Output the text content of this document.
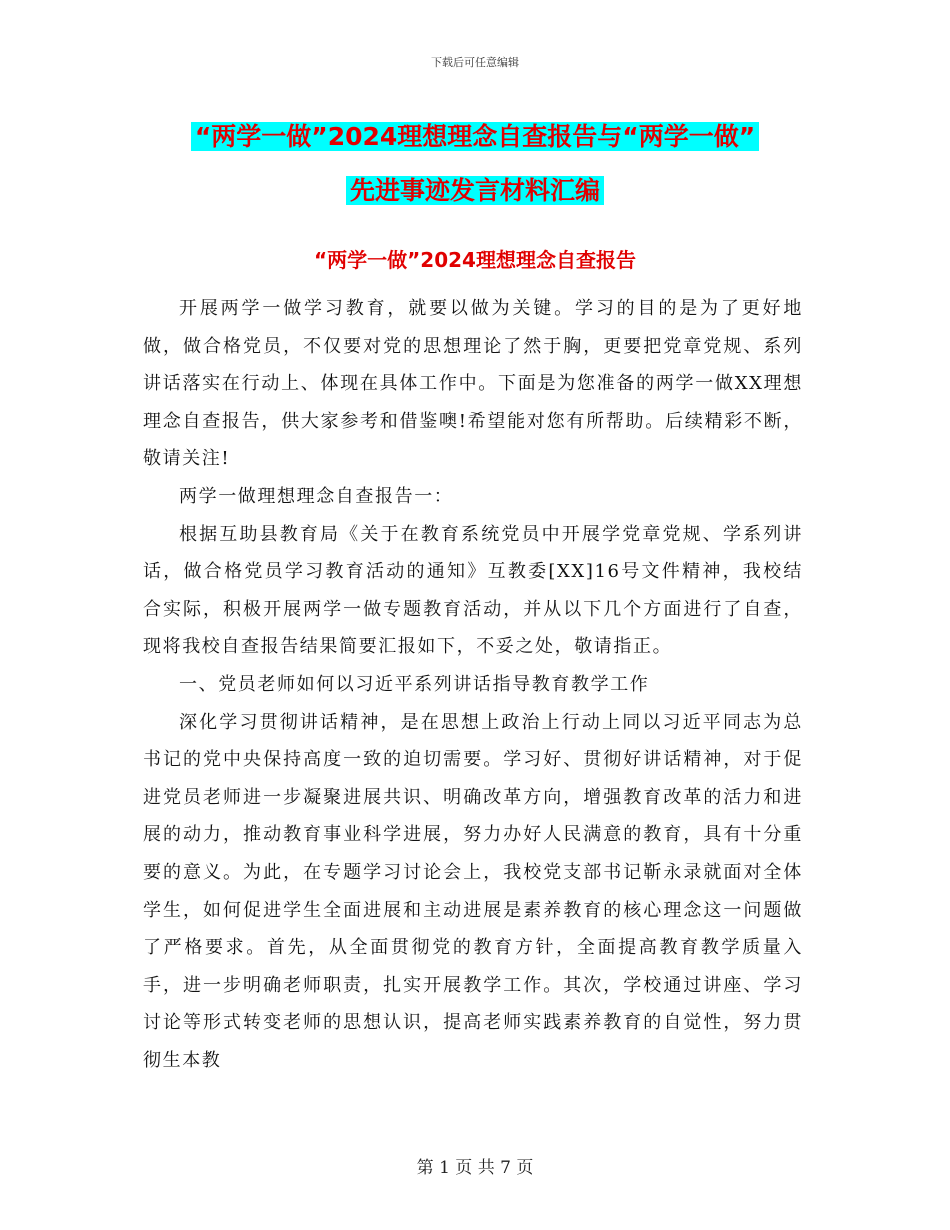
下载后可任意编辑
“两学一做”2024理想理念自查报告与“两学一做”
先进事迹发言材料汇编
“两学一做”2024理想理念自查报告

开展两学一做学习教育，就要以做为关键。学习的目的是为了更好地做，做合格党员，不仅要对党的思想理论了然于胸，更要把党章党规、系列讲话落实在行动上、体现在具体工作中。下面是为您准备的两学一做XX理想理念自查报告，供大家参考和借鉴噢!希望能对您有所帮助。后续精彩不断，敬请关注!

两学一做理想理念自查报告一：

根据互助县教育局《关于在教育系统党员中开展学党章党规、学系列讲话，做合格党员学习教育活动的通知》互教委[XX]16号文件精神，我校结合实际，积极开展两学一做专题教育活动，并从以下几个方面进行了自查，现将我校自查报告结果简要汇报如下，不妥之处，敬请指正。

一、党员老师如何以习近平系列讲话指导教育教学工作

深化学习贯彻讲话精神，是在思想上政治上行动上同以习近平同志为总书记的党中央保持高度一致的迫切需要。学习好、贯彻好讲话精神，对于促进党员老师进一步凝聚进展共识、明确改革方向，增强教育改革的活力和进展的动力，推动教育事业科学进展，努力办好人民满意的教育，具有十分重要的意义。为此，在专题学习讨论会上，我校党支部书记靳永录就面对全体学生，如何促进学生全面进展和主动进展是素养教育的核心理念这一问题做了严格要求。首先，从全面贯彻党的教育方针，全面提高教育教学质量入手，进一步明确老师职责，扎实开展教学工作。其次，学校通过讲座、学习讨论等形式转变老师的思想认识，提高老师实践素养教育的自觉性，努力贯彻生本教

第 1 页 共 7 页
